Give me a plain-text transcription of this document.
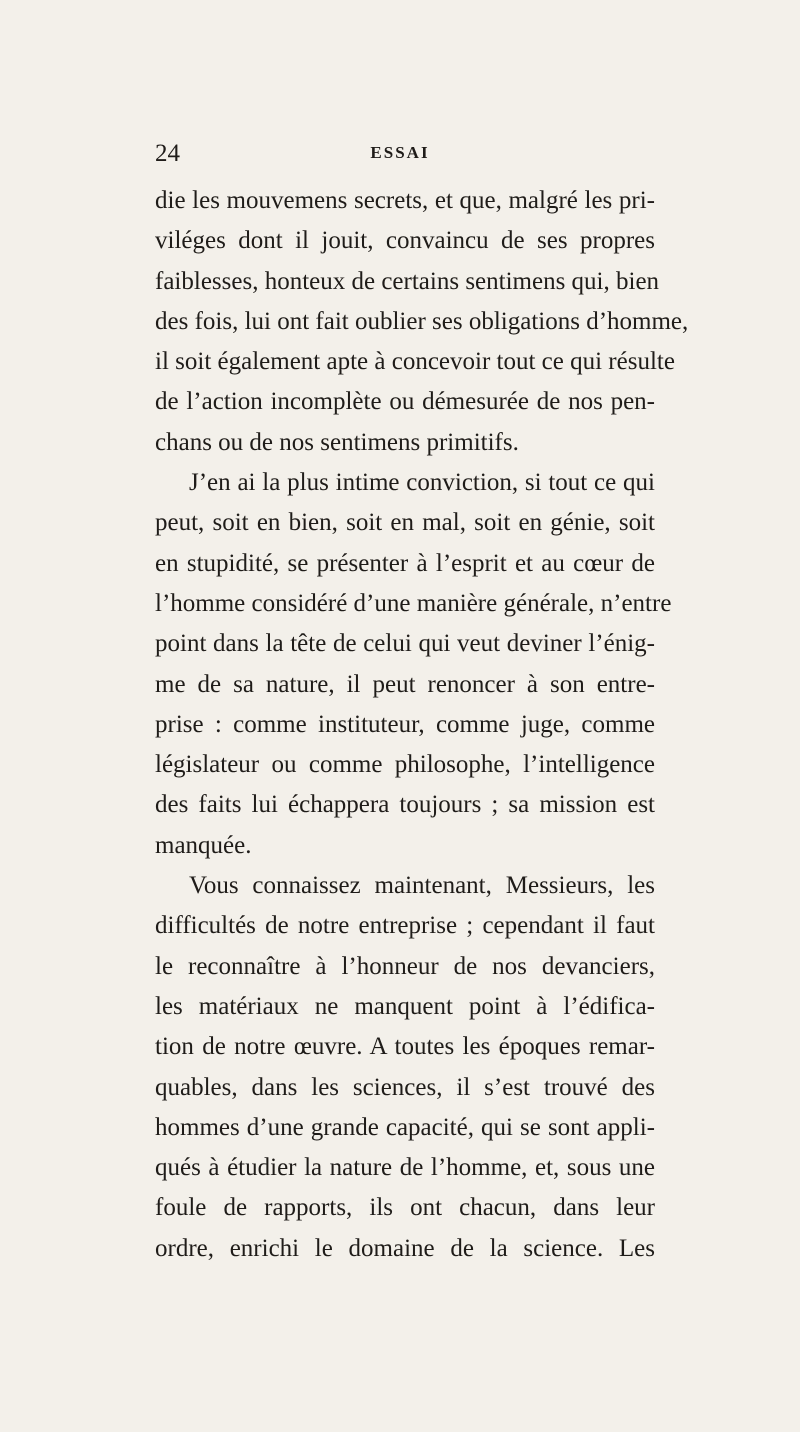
24	ESSAI
die les mouvemens secrets, et que, malgré les pri-
viléges dont il jouit, convaincu de ses propres
faiblesses, honteux de certains sentimens qui, bien
des fois, lui ont fait oublier ses obligations d’homme,
il soit également apte à concevoir tout ce qui résulte
de l’action incomplète ou démesurée de nos pen-
chans ou de nos sentimens primitifs.
J’en ai la plus intime conviction, si tout ce qui
peut, soit en bien, soit en mal, soit en génie, soit
en stupidité, se présenter à l’esprit et au cœur de
l’homme considéré d’une manière générale, n’entre
point dans la tête de celui qui veut deviner l’énig-
me de sa nature, il peut renoncer à son entre-
prise : comme instituteur, comme juge, comme
législateur ou comme philosophe, l’intelligence
des faits lui échappera toujours ; sa mission est
manquée.
Vous connaissez maintenant, Messieurs, les
difficultés de notre entreprise ; cependant il faut
le reconnaître à l’honneur de nos devanciers,
les matériaux ne manquent point à l’édifica-
tion de notre œuvre. A toutes les époques remar-
quables, dans les sciences, il s’est trouvé des
hommes d’une grande capacité, qui se sont appli-
qués à étudier la nature de l’homme, et, sous une
foule de rapports, ils ont chacun, dans leur
ordre, enrichi le domaine de la science. Les
